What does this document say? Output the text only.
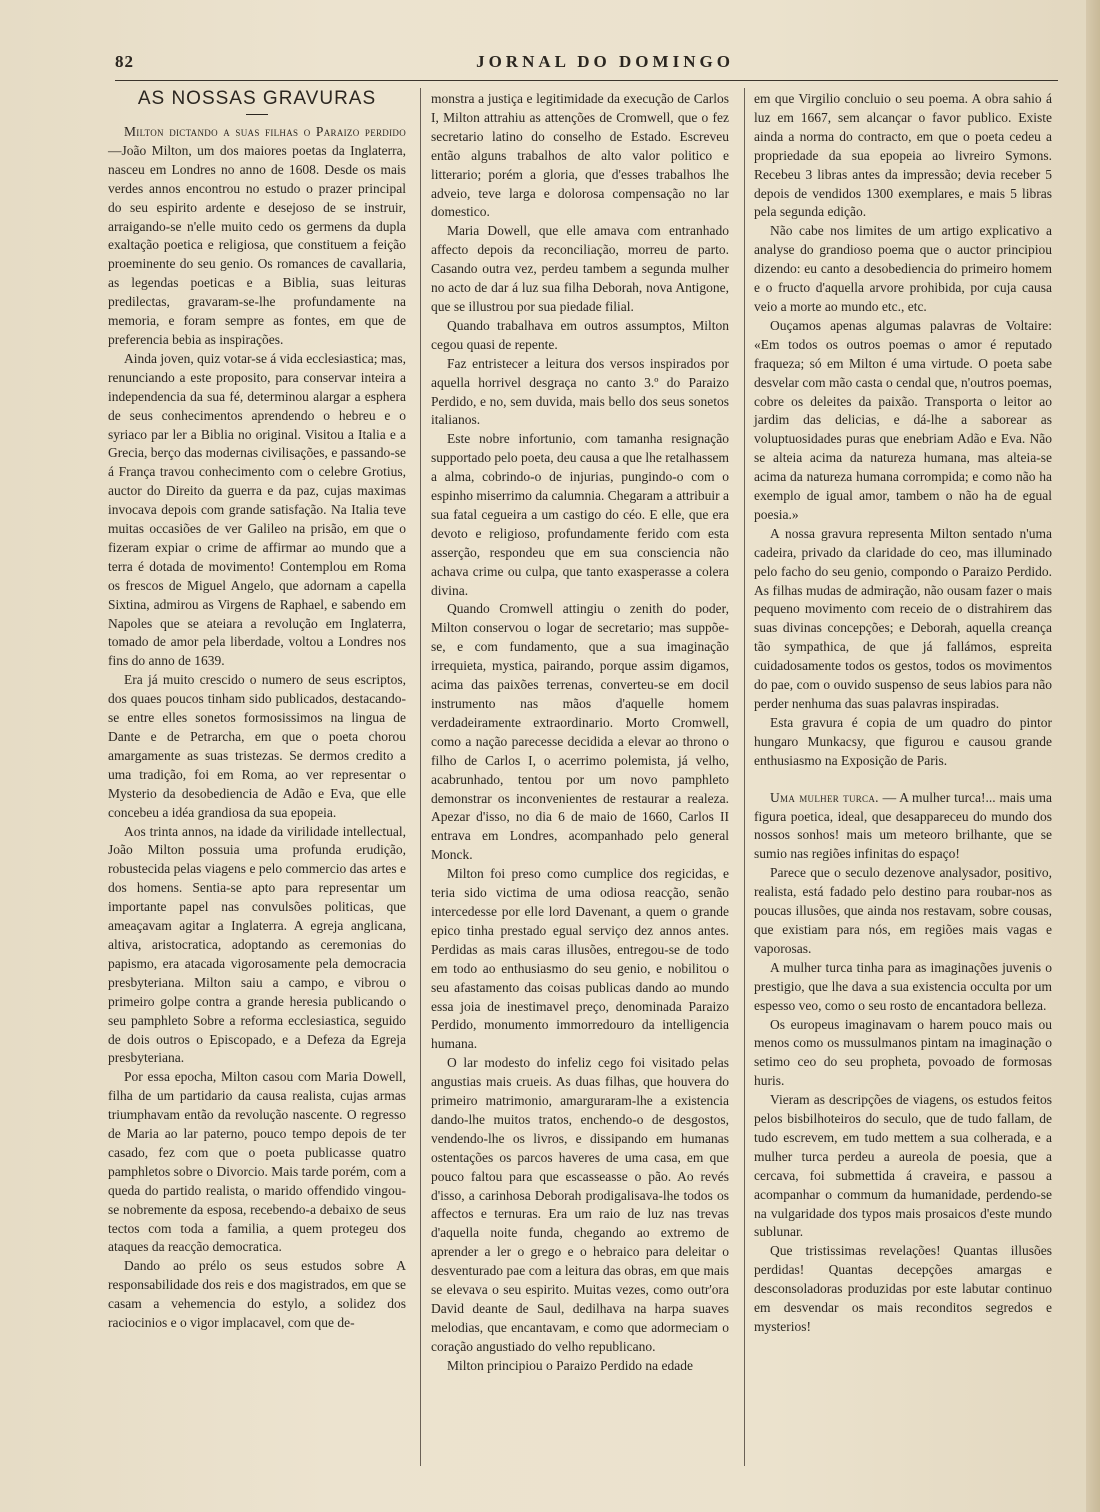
82	JORNAL DO DOMINGO
AS NOSSAS GRAVURAS

Milton dictando a suas filhas o Paraizo perdido—João Milton, um dos maiores poetas da Inglaterra, nasceu em Londres no anno de 1608. Desde os mais verdes annos encontrou no estudo o prazer principal do seu espirito ardente e desejoso de se instruir, arraigando-se n'elle muito cedo os germens da dupla exaltação poetica e religiosa, que constituem a feição proeminente do seu genio. Os romances de cavallaria, as legendas poeticas e a Biblia, suas leituras predilectas, gravaram-se-lhe profundamente na memoria, e foram sempre as fontes, em que de preferencia bebia as inspirações.

Ainda joven, quiz votar-se á vida ecclesiastica; mas, renunciando a este proposito, para conservar inteira a independencia da sua fé, determinou alargar a esphera de seus conhecimentos aprendendo o hebreu e o syriaco par ler a Biblia no original. Visitou a Italia e a Grecia, berço das modernas civilisações, e passando-se á França travou conhecimento com o celebre Grotius, auctor do Direito da guerra e da paz, cujas maximas invocava depois com grande satisfação. Na Italia teve muitas occasiões de ver Galileo na prisão, em que o fizeram expiar o crime de affirmar ao mundo que a terra é dotada de movimento! Contemplou em Roma os frescos de Miguel Angelo, que adornam a capella Sixtina, admirou as Virgens de Raphael, e sabendo em Napoles que se ateiara a revolução em Inglaterra, tomado de amor pela liberdade, voltou a Londres nos fins do anno de 1639.

Era já muito crescido o numero de seus escriptos, dos quaes poucos tinham sido publicados, destacando-se entre elles sonetos formosissimos na lingua de Dante e de Petrarcha, em que o poeta chorou amargamente as suas tristezas. Se dermos credito a uma tradição, foi em Roma, ao ver representar o Mysterio da desobediencia de Adão e Eva, que elle concebeu a idéa grandiosa da sua epopeia.

Aos trinta annos, na idade da virilidade intellectual, João Milton possuia uma profunda erudição, robustecida pelas viagens e pelo commercio das artes e dos homens. Sentia-se apto para representar um importante papel nas convulsões politicas, que ameaçavam agitar a Inglaterra. A egreja anglicana, altiva, aristocratica, adoptando as ceremonias do papismo, era atacada vigorosamente pela democracia presbyteriana. Milton saiu a campo, e vibrou o primeiro golpe contra a grande heresia publicando o seu pamphleto Sobre a reforma ecclesiastica, seguido de dois outros o Episcopado, e a Defeza da Egreja presbyteriana.

Por essa epocha, Milton casou com Maria Dowell, filha de um partidario da causa realista, cujas armas triumphavam então da revolução nascente. O regresso de Maria ao lar paterno, pouco tempo depois de ter casado, fez com que o poeta publicasse quatro pamphletos sobre o Divorcio. Mais tarde porém, com a queda do partido realista, o marido offendido vingou-se nobremente da esposa, recebendo-a debaixo de seus tectos com toda a familia, a quem protegeu dos ataques da reacção democratica.

Dando ao prélo os seus estudos sobre A responsabilidade dos reis e dos magistrados, em que se casam a vehemencia do estylo, a solidez dos raciocinios e o vigor implacavel, com que de-

monstra a justiça e legitimidade da execução de Carlos I, Milton attrahiu as attenções de Cromwell, que o fez secretario latino do conselho de Estado. Escreveu então alguns trabalhos de alto valor politico e litterario; porém a gloria, que d'esses trabalhos lhe adveio, teve larga e dolorosa compensação no lar domestico.

Maria Dowell, que elle amava com entranhado affecto depois da reconciliação, morreu de parto. Casando outra vez, perdeu tambem a segunda mulher no acto de dar á luz sua filha Deborah, nova Antigone, que se illustrou por sua piedade filial.

Quando trabalhava em outros assumptos, Milton cegou quasi de repente.

Faz entristecer a leitura dos versos inspirados por aquella horrivel desgraça no canto 3.º do Paraizo Perdido, e no, sem duvida, mais bello dos seus sonetos italianos.

Este nobre infortunio, com tamanha resignação supportado pelo poeta, deu causa a que lhe retalhassem a alma, cobrindo-o de injurias, pungindo-o com o espinho miserrimo da calumnia. Chegaram a attribuir a sua fatal cegueira a um castigo do céo. E elle, que era devoto e religioso, profundamente ferido com esta asserção, respondeu que em sua consciencia não achava crime ou culpa, que tanto exasperasse a colera divina.

Quando Cromwell attingiu o zenith do poder, Milton conservou o logar de secretario; mas suppõe-se, e com fundamento, que a sua imaginação irrequieta, mystica, pairando, porque assim digamos, acima das paixões terrenas, converteu-se em docil instrumento nas mãos d'aquelle homem verdadeiramente extraordinario. Morto Cromwell, como a nação parecesse decidida a elevar ao throno o filho de Carlos I, o acerrimo polemista, já velho, acabrunhado, tentou por um novo pamphleto demonstrar os inconvenientes de restaurar a realeza. Apezar d'isso, no dia 6 de maio de 1660, Carlos II entrava em Londres, acompanhado pelo general Monck.

Milton foi preso como cumplice dos regicidas, e teria sido victima de uma odiosa reacção, senão intercedesse por elle lord Davenant, a quem o grande epico tinha prestado egual serviço dez annos antes. Perdidas as mais caras illusões, entregou-se de todo em todo ao enthusiasmo do seu genio, e nobilitou o seu afastamento das coisas publicas dando ao mundo essa joia de inestimavel preço, denominada Paraizo Perdido, monumento immorredouro da intelligencia humana.

O lar modesto do infeliz cego foi visitado pelas angustias mais crueis. As duas filhas, que houvera do primeiro matrimonio, amarguraram-lhe a existencia dando-lhe muitos tratos, enchendo-o de desgostos, vendendo-lhe os livros, e dissipando em humanas ostentações os parcos haveres de uma casa, em que pouco faltou para que escasseasse o pão. Ao revés d'isso, a carinhosa Deborah prodigalisava-lhe todos os affectos e ternuras. Era um raio de luz nas trevas d'aquella noite funda, chegando ao extremo de aprender a ler o grego e o hebraico para deleitar o desventurado pae com a leitura das obras, em que mais se elevava o seu espirito. Muitas vezes, como outr'ora David deante de Saul, dedilhava na harpa suaves melodias, que encantavam, e como que adormeciam o coração angustiado do velho republicano.

Milton principiou o Paraizo Perdido na edade

em que Virgilio concluio o seu poema. A obra sahio á luz em 1667, sem alcançar o favor publico. Existe ainda a norma do contracto, em que o poeta cedeu a propriedade da sua epopeia ao livreiro Symons. Recebeu 3 libras antes da impressão; devia receber 5 depois de vendidos 1300 exemplares, e mais 5 libras pela segunda edição.

Não cabe nos limites de um artigo explicativo a analyse do grandioso poema que o auctor principiou dizendo: eu canto a desobediencia do primeiro homem e o fructo d'aquella arvore prohibida, por cuja causa veio a morte ao mundo etc., etc.

Ouçamos apenas algumas palavras de Voltaire: «Em todos os outros poemas o amor é reputado fraqueza; só em Milton é uma virtude. O poeta sabe desvelar com mão casta o cendal que, n'outros poemas, cobre os deleites da paixão. Transporta o leitor ao jardim das delicias, e dá-lhe a saborear as voluptuosidades puras que enebriam Adão e Eva. Não se alteia acima da natureza humana, mas alteia-se acima da natureza humana corrompida; e como não ha exemplo de igual amor, tambem o não ha de egual poesia.»

A nossa gravura representa Milton sentado n'uma cadeira, privado da claridade do ceo, mas illuminado pelo facho do seu genio, compondo o Paraizo Perdido. As filhas mudas de admiração, não ousam fazer o mais pequeno movimento com receio de o distrahirem das suas divinas concepções; e Deborah, aquella creança tão sympathica, de que já fallámos, espreita cuidadosamente todos os gestos, todos os movimentos do pae, com o ouvido suspenso de seus labios para não perder nenhuma das suas palavras inspiradas.

Esta gravura é copia de um quadro do pintor hungaro Munkacsy, que figurou e causou grande enthusiasmo na Exposição de Paris.

Uma mulher turca. — A mulher turca!... mais uma figura poetica, ideal, que desappareceu do mundo dos nossos sonhos! mais um meteoro brilhante, que se sumio nas regiões infinitas do espaço!

Parece que o seculo dezenove analysador, positivo, realista, está fadado pelo destino para roubar-nos as poucas illusões, que ainda nos restavam, sobre cousas, que existiam para nós, em regiões mais vagas e vaporosas.

A mulher turca tinha para as imaginações juvenis o prestigio, que lhe dava a sua existencia occulta por um espesso veo, como o seu rosto de encantadora belleza.

Os europeus imaginavam o harem pouco mais ou menos como os mussulmanos pintam na imaginação o setimo ceo do seu propheta, povoado de formosas huris.

Vieram as descripções de viagens, os estudos feitos pelos bisbilhoteiros do seculo, que de tudo fallam, de tudo escrevem, em tudo mettem a sua colherada, e a mulher turca perdeu a aureola de poesia, que a cercava, foi submettida á craveira, e passou a acompanhar o commum da humanidade, perdendo-se na vulgaridade dos typos mais prosaicos d'este mundo sublunar.

Que tristissimas revelações! Quantas illusões perdidas! Quantas decepções amargas e desconsoladoras produzidas por este labutar continuo em desvendar os mais reconditos segredos e mysterios!
